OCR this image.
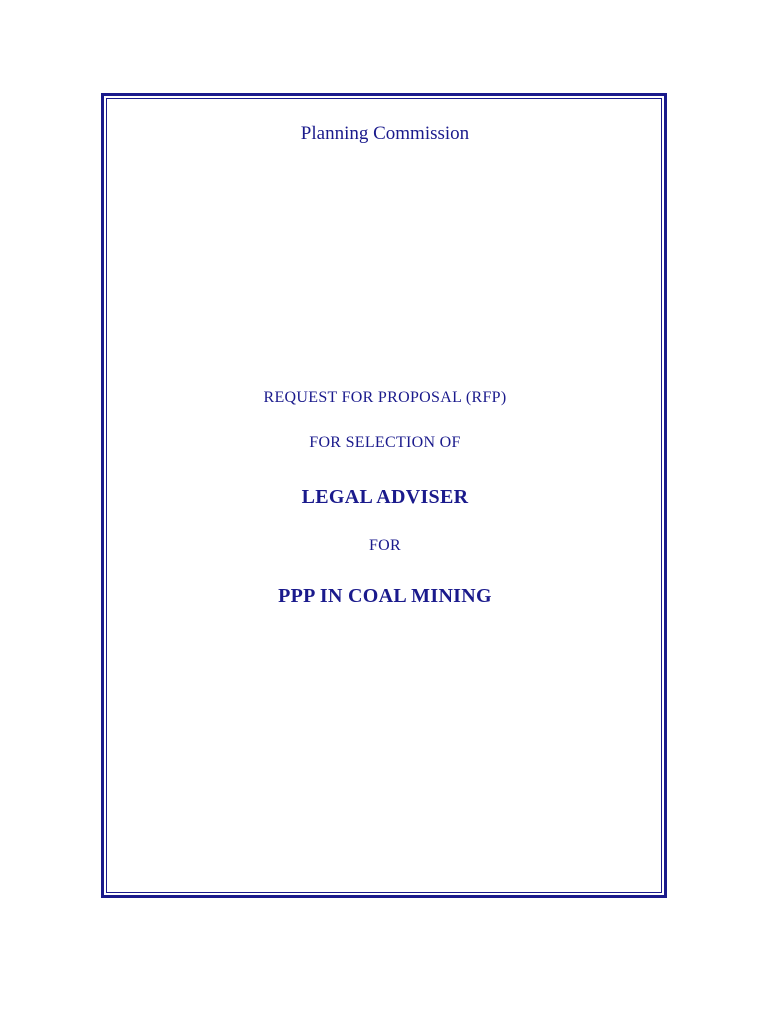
Planning Commission
REQUEST FOR PROPOSAL (RFP)
FOR SELECTION OF
LEGAL ADVISER
FOR
PPP IN COAL MINING
